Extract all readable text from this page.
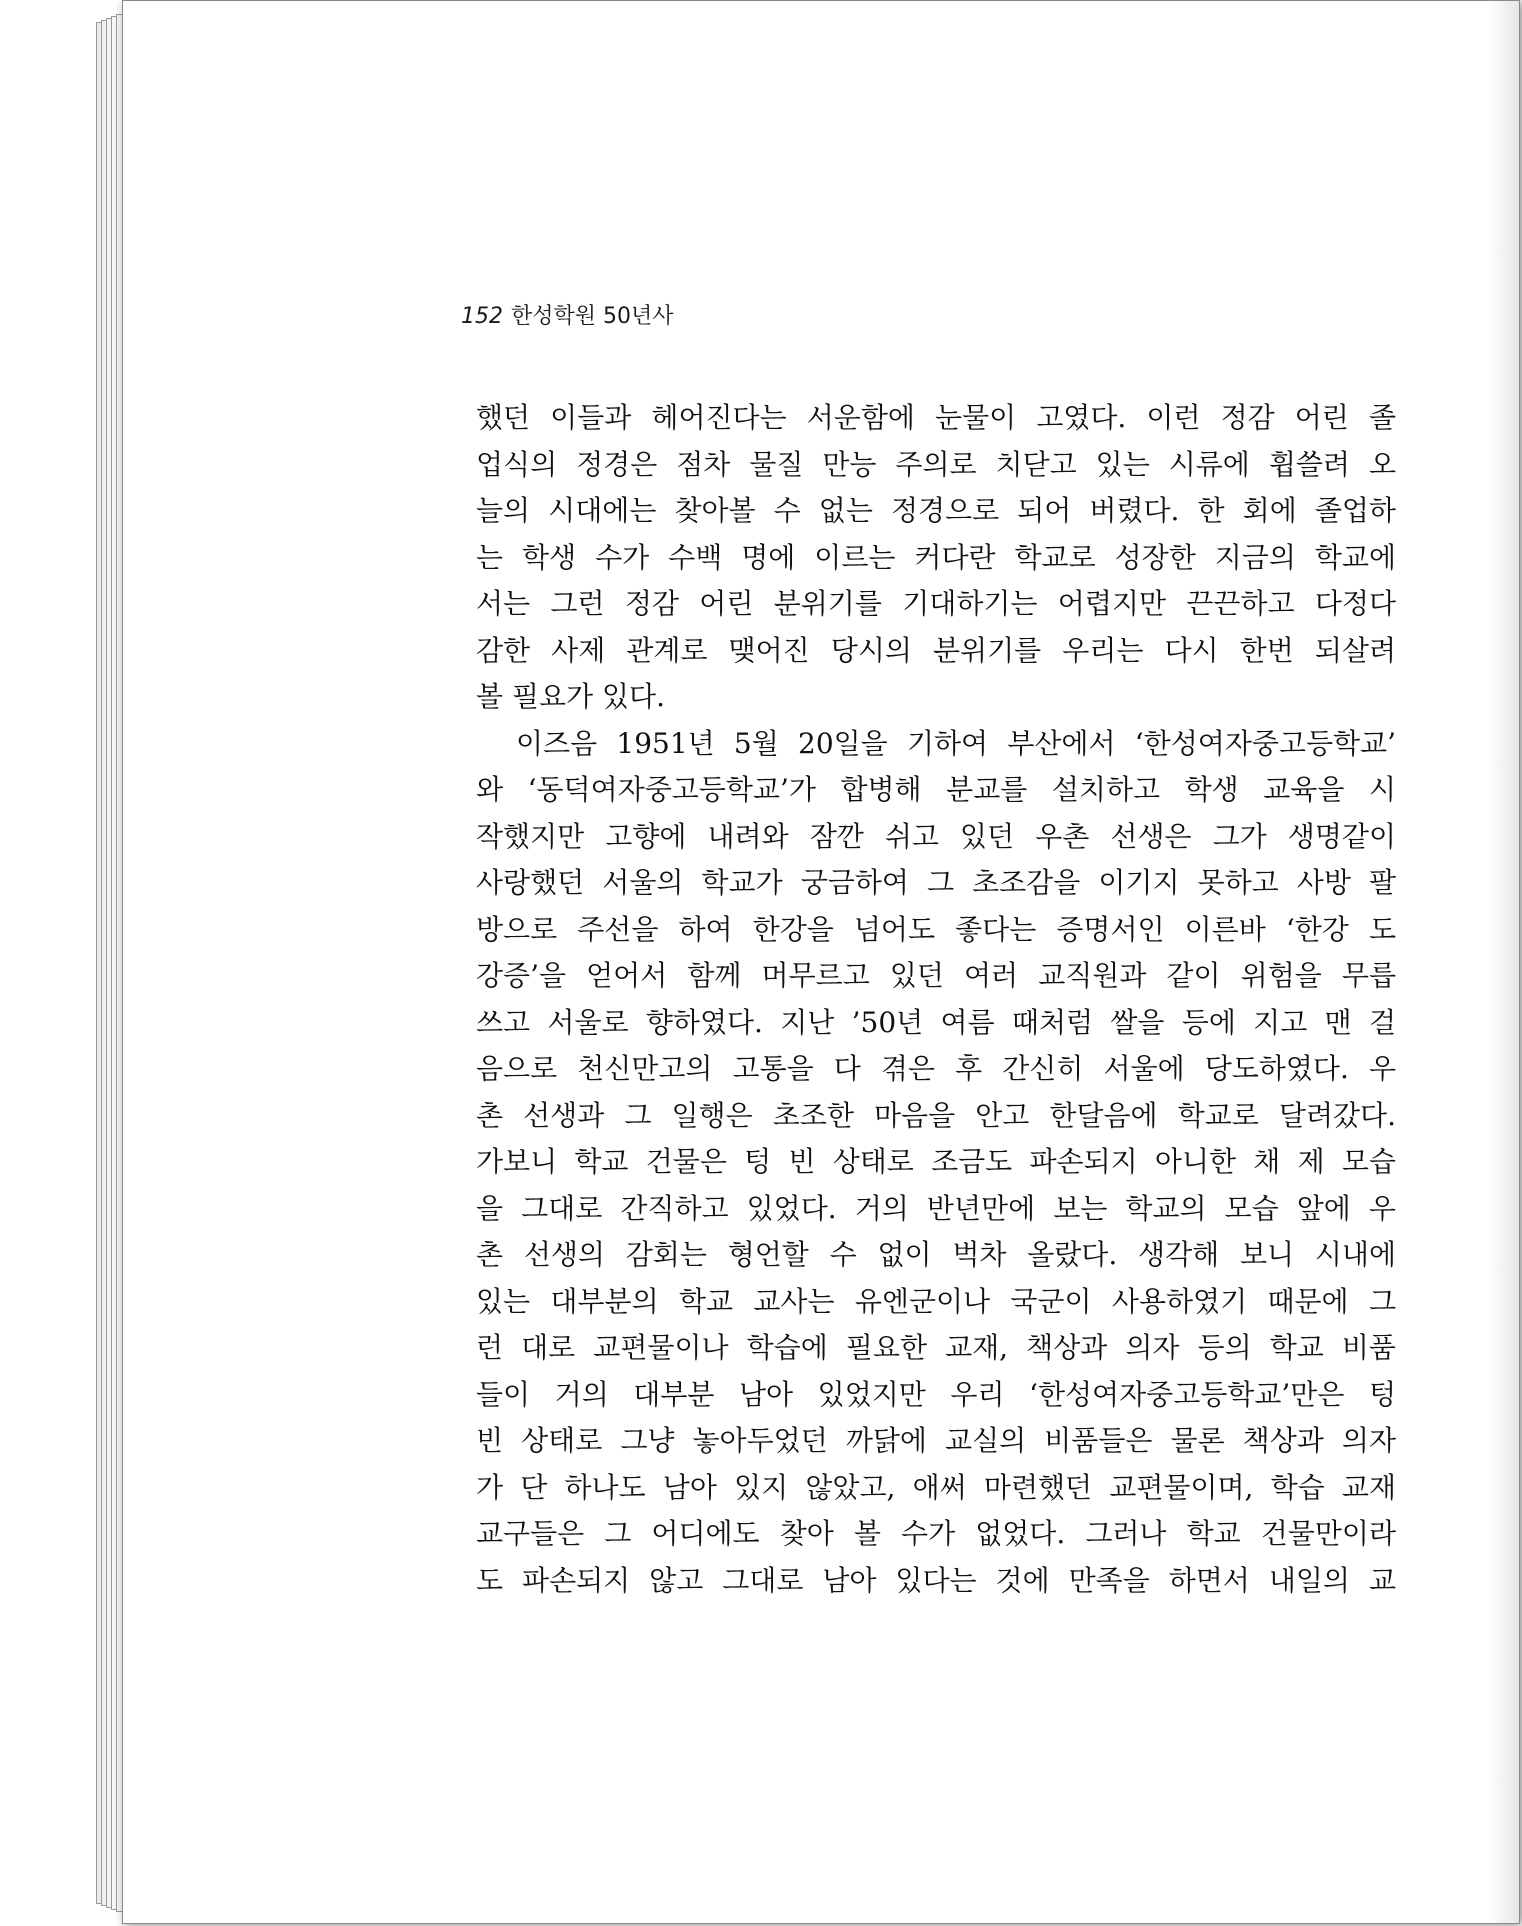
152 한성학원 50년사
했던 이들과 헤어진다는 서운함에 눈물이 고였다. 이런 정감 어린 졸
업식의 정경은 점차 물질 만능 주의로 치닫고 있는 시류에 휩쓸려 오
늘의 시대에는 찾아볼 수 없는 정경으로 되어 버렸다. 한 회에 졸업하
는 학생 수가 수백 명에 이르는 커다란 학교로 성장한 지금의 학교에
서는 그런 정감 어린 분위기를 기대하기는 어렵지만 끈끈하고 다정다
감한 사제 관계로 맺어진 당시의 분위기를 우리는 다시 한번 되살려
볼 필요가 있다.
이즈음 1951년 5월 20일을 기하여 부산에서 ‘한성여자중고등학교’
와 ‘동덕여자중고등학교’가 합병해 분교를 설치하고 학생 교육을 시
작했지만 고향에 내려와 잠깐 쉬고 있던 우촌 선생은 그가 생명같이
사랑했던 서울의 학교가 궁금하여 그 초조감을 이기지 못하고 사방 팔
방으로 주선을 하여 한강을 넘어도 좋다는 증명서인 이른바 ‘한강 도
강증’을 얻어서 함께 머무르고 있던 여러 교직원과 같이 위험을 무릅
쓰고 서울로 향하였다. 지난 ’50년 여름 때처럼 쌀을 등에 지고 맨 걸
음으로 천신만고의 고통을 다 겪은 후 간신히 서울에 당도하였다. 우
촌 선생과 그 일행은 초조한 마음을 안고 한달음에 학교로 달려갔다.
가보니 학교 건물은 텅 빈 상태로 조금도 파손되지 아니한 채 제 모습
을 그대로 간직하고 있었다. 거의 반년만에 보는 학교의 모습 앞에 우
촌 선생의 감회는 형언할 수 없이 벅차 올랐다. 생각해 보니 시내에
있는 대부분의 학교 교사는 유엔군이나 국군이 사용하였기 때문에 그
런 대로 교편물이나 학습에 필요한 교재, 책상과 의자 등의 학교 비품
들이 거의 대부분 남아 있었지만 우리 ‘한성여자중고등학교’만은 텅
빈 상태로 그냥 놓아두었던 까닭에 교실의 비품들은 물론 책상과 의자
가 단 하나도 남아 있지 않았고, 애써 마련했던 교편물이며, 학습 교재
교구들은 그 어디에도 찾아 볼 수가 없었다. 그러나 학교 건물만이라
도 파손되지 않고 그대로 남아 있다는 것에 만족을 하면서 내일의 교
